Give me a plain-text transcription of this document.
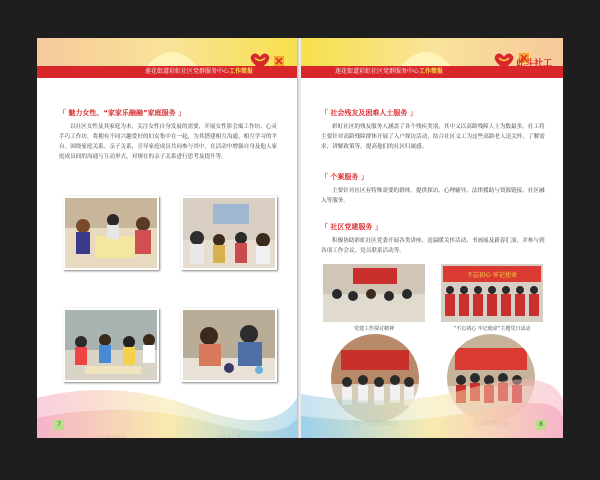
莲花街道彩虹社区党群服务中心工作简报
「 魅力女性、“家家乐融融”家庭服务 」
以社区女性及其家庭为本，关注女性自身发展的需要，开展女性影会寓工作坊、心灵手巧工作坊，将拥有不同兴趣爱好的妇女集中在一起，为其搭建相互沟通、相互学习的平台。围绕家庭关系、亲子关系，引导家庭成员共同参与其中，在活动中增强自身及他人家庭成员间的沟通与互动形式，对规在的亲子关系进行思考及提升等。
7
莲花街道彩虹社区党群服务中心工作简报
此斗社工
「 社会残友及困难人士服务 」
彩虹社区的残友服务人涵盖了各个残疾类别，其中又以高龄残障人士为数最多。社工将主要针对高龄残障群体开展了入户探访活动，结合社区义工为这些高龄老人送关怀，了解需求，讲解政策等，提高他们的社区归属感。
「 个案服务 」
主要针对社区有特殊需要的群体，提供探访、心理辅导、法律援助与资源链接、社区融入等服务。
「 社区党建服务 」
积极协助彩虹社区党委开展各类讲座、送温暖关怀活动、书画展及新春汇演。并参与到各项工作会议、党员联系活动等。
党建工作探讨精神
不忘初心 牢记使命
“不忘初心 牢记使命”主题党日活动
8
